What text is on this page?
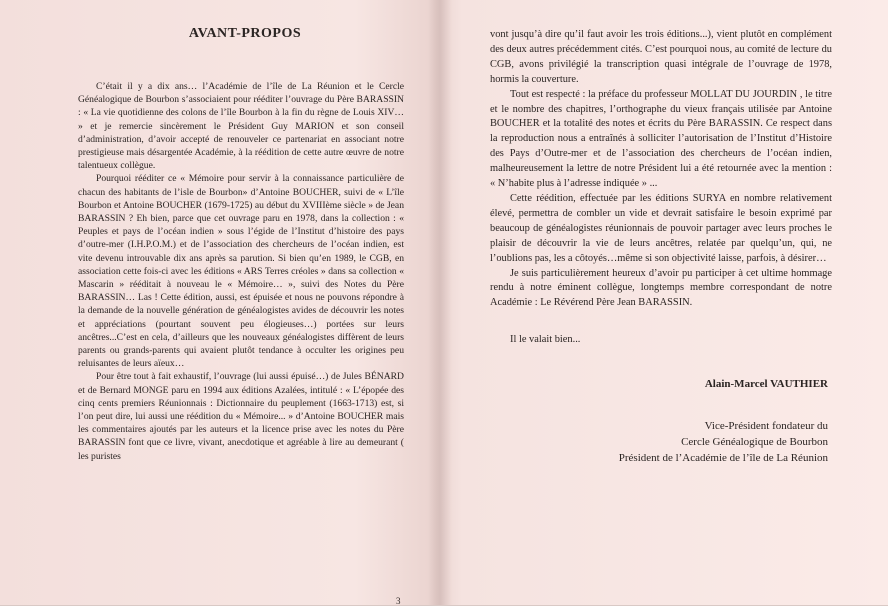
AVANT-PROPOS

C’était il y a dix ans… l’Académie de l’île de La Réunion et le Cercle Généalogique de Bourbon s’associaient pour rééditer l’ouvrage du Père BARASSIN : « La vie quotidienne des colons de l’île Bourbon à la fin du règne de Louis XIV… » et je remercie sincèrement le Président Guy MARION et son conseil d’administration, d’avoir accepté de renouveler ce partenariat en associant notre prestigieuse mais désargentée Académie, à la réédition de cette autre œuvre de notre talentueux collègue.

Pourquoi rééditer ce « Mémoire pour servir à la connaissance particulière de chacun des habitants de l’isle de Bourbon» d’Antoine BOUCHER, suivi de « L’île Bourbon et Antoine BOUCHER (1679-1725) au début du XVIIIème siècle » de Jean BARASSIN ? Eh bien, parce que cet ouvrage paru en 1978, dans la collection : « Peuples et pays de l’océan indien » sous l’égide de l’Institut d’histoire des pays d’outre-mer (I.H.P.O.M.) et de l’association des chercheurs de l’océan indien, est vite devenu introuvable dix ans après sa parution. Si bien qu’en 1989, le CGB, en association cette fois-ci avec les éditions « ARS Terres créoles » dans sa collection « Mascarin » rééditait à nouveau le « Mémoire… », suivi des Notes du Père BARASSIN… Las ! Cette édition, aussi, est épuisée et nous ne pouvons répondre à la demande de la nouvelle génération de généalogistes avides de découvrir les notes et appréciations (pourtant souvent peu élogieuses…) portées sur leurs ancêtres...C’est en cela, d’ailleurs que les nouveaux généalogistes diffèrent de leurs parents ou grands-parents qui avaient plutôt tendance à occulter les origines peu reluisantes de leurs aïeux…

Pour être tout à fait exhaustif, l’ouvrage (lui aussi épuisé…) de Jules BÉNARD et de Bernard MONGE paru en 1994 aux éditions Azalées, intitulé : « L’épopée des cinq cents premiers Réunionnais : Dictionnaire du peuplement (1663-1713) est, si l’on peut dire, lui aussi une réédition du « Mémoire... » d’Antoine BOUCHER mais les commentaires ajoutés par les auteurs et la licence prise avec les notes du Père BARASSIN font que ce livre, vivant, anecdotique et agréable à lire au demeurant ( les puristes

3

vont jusqu’à dire qu’il faut avoir les trois éditions...), vient plutôt en complément des deux autres précédemment cités. C’est pourquoi nous, au comité de lecture du CGB, avons privilégié la transcription quasi intégrale de l’ouvrage de 1978, hormis la couverture.

Tout est respecté : la préface du professeur MOLLAT DU JOURDIN , le titre et le nombre des chapitres, l’orthographe du vieux français utilisée par Antoine BOUCHER et la totalité des notes et écrits du Père BARASSIN. Ce respect dans la reproduction nous a entraînés à solliciter l’autorisation de l’Institut d’Histoire des Pays d’Outre-mer et de l’association des chercheurs de l’océan indien, malheureusement la lettre de notre Président lui a été retournée avec la mention : « N’habite plus à l’adresse indiquée » ...

Cette réédition, effectuée par les éditions SURYA en nombre relativement élevé, permettra de combler un vide et devrait satisfaire le besoin exprimé par beaucoup de généalogistes réunionnais de pouvoir partager avec leurs proches le plaisir de découvrir la vie de leurs ancêtres, relatée par quelqu’un, qui, ne l’oublions pas, les a côtoyés…même si son objectivité laisse, parfois, à désirer…

Je suis particulièrement heureux d’avoir pu participer à cet ultime hommage rendu à notre éminent collègue, longtemps membre correspondant de notre Académie : Le Révérend Père Jean BARASSIN.

Il le valait bien...

Alain-Marcel VAUTHIER

Vice-Président fondateur du

Cercle Généalogique de Bourbon

Président de l’Académie de l’île de La Réunion
